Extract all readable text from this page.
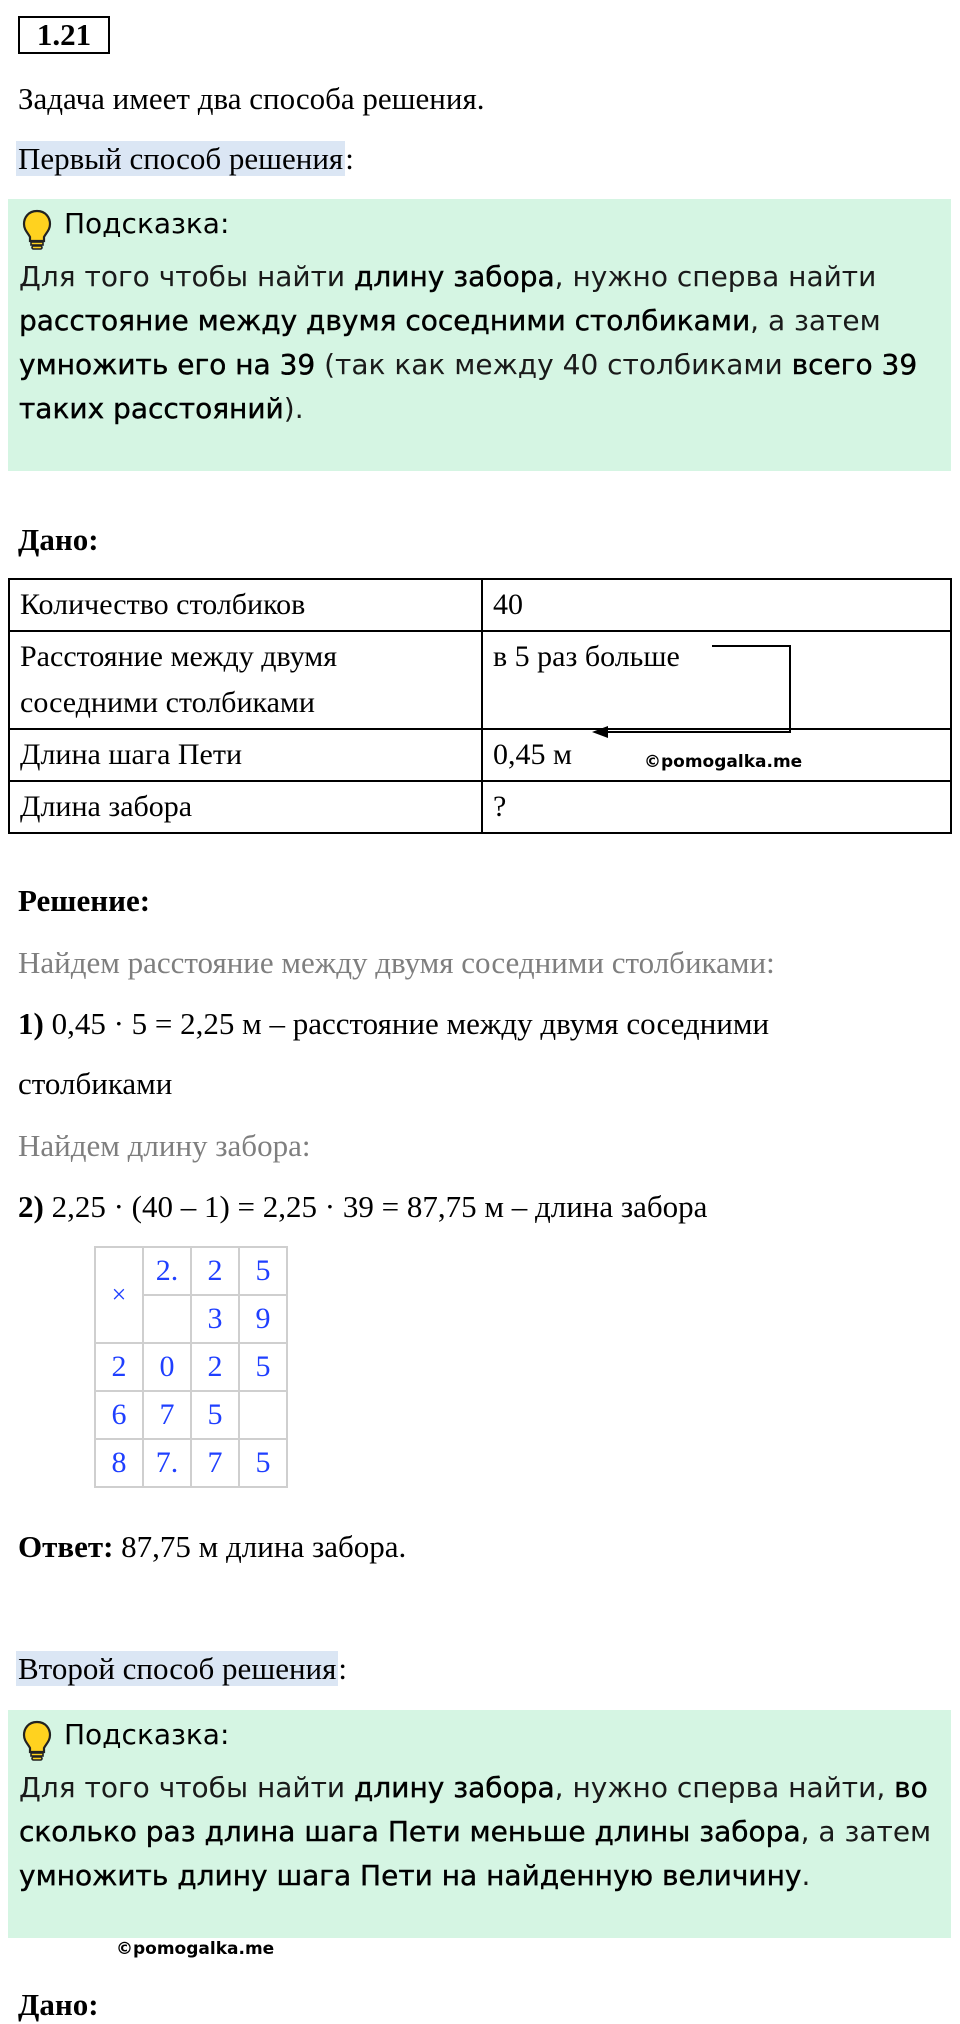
1.21
Задача имеет два способа решения.
Первый способ решения:
Подсказка:
Для того чтобы найти длину забора, нужно сперва найти
расстояние между двумя соседними столбиками, а затем
умножить его на 39 (так как между 40 столбиками всего 39
таких расстояний).
Дано:
Количество столбиков	40
Расстояние между двумя
соседними столбиками	в 5 раз больше
Длина шага Пети	0,45 м
Длина забора	?
©pomogalka.me
Решение:
Найдем расстояние между двумя соседними столбиками:
1) 0,45 · 5 = 2,25 м – расстояние между двумя соседними
столбиками
Найдем длину забора:
2) 2,25 · (40 – 1) = 2,25 · 39 = 87,75 м – длина забора
×	2.	2	5
		3	9
2	0	2	5
6	7	5	
8	7.	7	5
Ответ: 87,75 м длина забора.
Второй способ решения:
Подсказка:
Для того чтобы найти длину забора, нужно сперва найти, во
сколько раз длина шага Пети меньше длины забора, а затем
умножить длину шага Пети на найденную величину.
©pomogalka.me
Дано:
